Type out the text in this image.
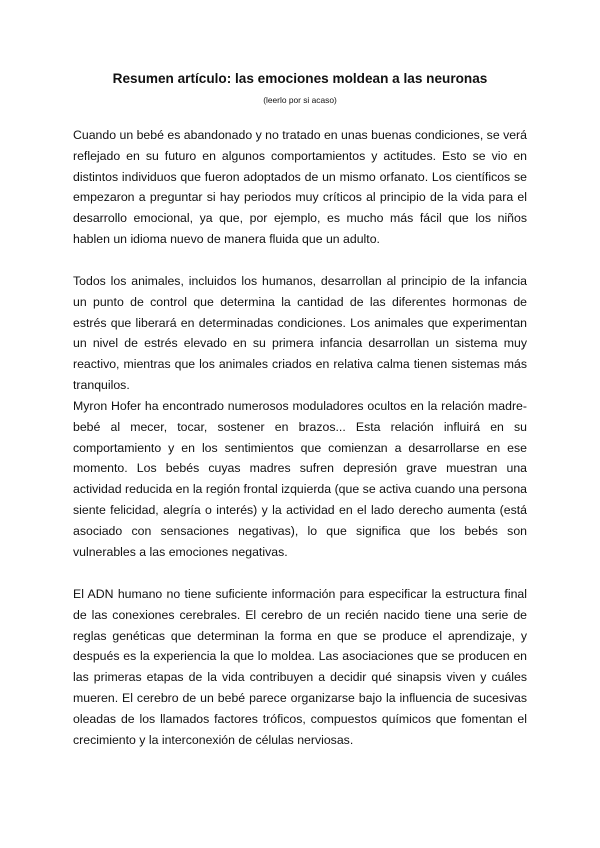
Resumen artículo: las emociones moldean a las neuronas

(leerlo por si acaso)

Cuando un bebé es abandonado y no tratado en unas buenas condiciones, se verá reflejado en su futuro en algunos comportamientos y actitudes. Esto se vio en distintos individuos que fueron adoptados de un mismo orfanato. Los científicos se empezaron a preguntar si hay periodos muy críticos al principio de la vida para el desarrollo emocional, ya que, por ejemplo, es mucho más fácil que los niños hablen un idioma nuevo de manera fluida que un adulto.

Todos los animales, incluidos los humanos, desarrollan al principio de la infancia un punto de control que determina la cantidad de las diferentes hormonas de estrés que liberará en determinadas condiciones. Los animales que experimentan un nivel de estrés elevado en su primera infancia desarrollan un sistema muy reactivo, mientras que los animales criados en relativa calma tienen sistemas más tranquilos.

Myron Hofer ha encontrado numerosos moduladores ocultos en la relación madre-bebé al mecer, tocar, sostener en brazos... Esta relación influirá en su comportamiento y en los sentimientos que comienzan a desarrollarse en ese momento. Los bebés cuyas madres sufren depresión grave muestran una actividad reducida en la región frontal izquierda (que se activa cuando una persona siente felicidad, alegría o interés) y la actividad en el lado derecho aumenta (está asociado con sensaciones negativas), lo que significa que los bebés son vulnerables a las emociones negativas.

El ADN humano no tiene suficiente información para especificar la estructura final de las conexiones cerebrales. El cerebro de un recién nacido tiene una serie de reglas genéticas que determinan la forma en que se produce el aprendizaje, y después es la experiencia la que lo moldea. Las asociaciones que se producen en las primeras etapas de la vida contribuyen a decidir qué sinapsis viven y cuáles mueren. El cerebro de un bebé parece organizarse bajo la influencia de sucesivas oleadas de los llamados factores tróficos, compuestos químicos que fomentan el crecimiento y la interconexión de células nerviosas.
